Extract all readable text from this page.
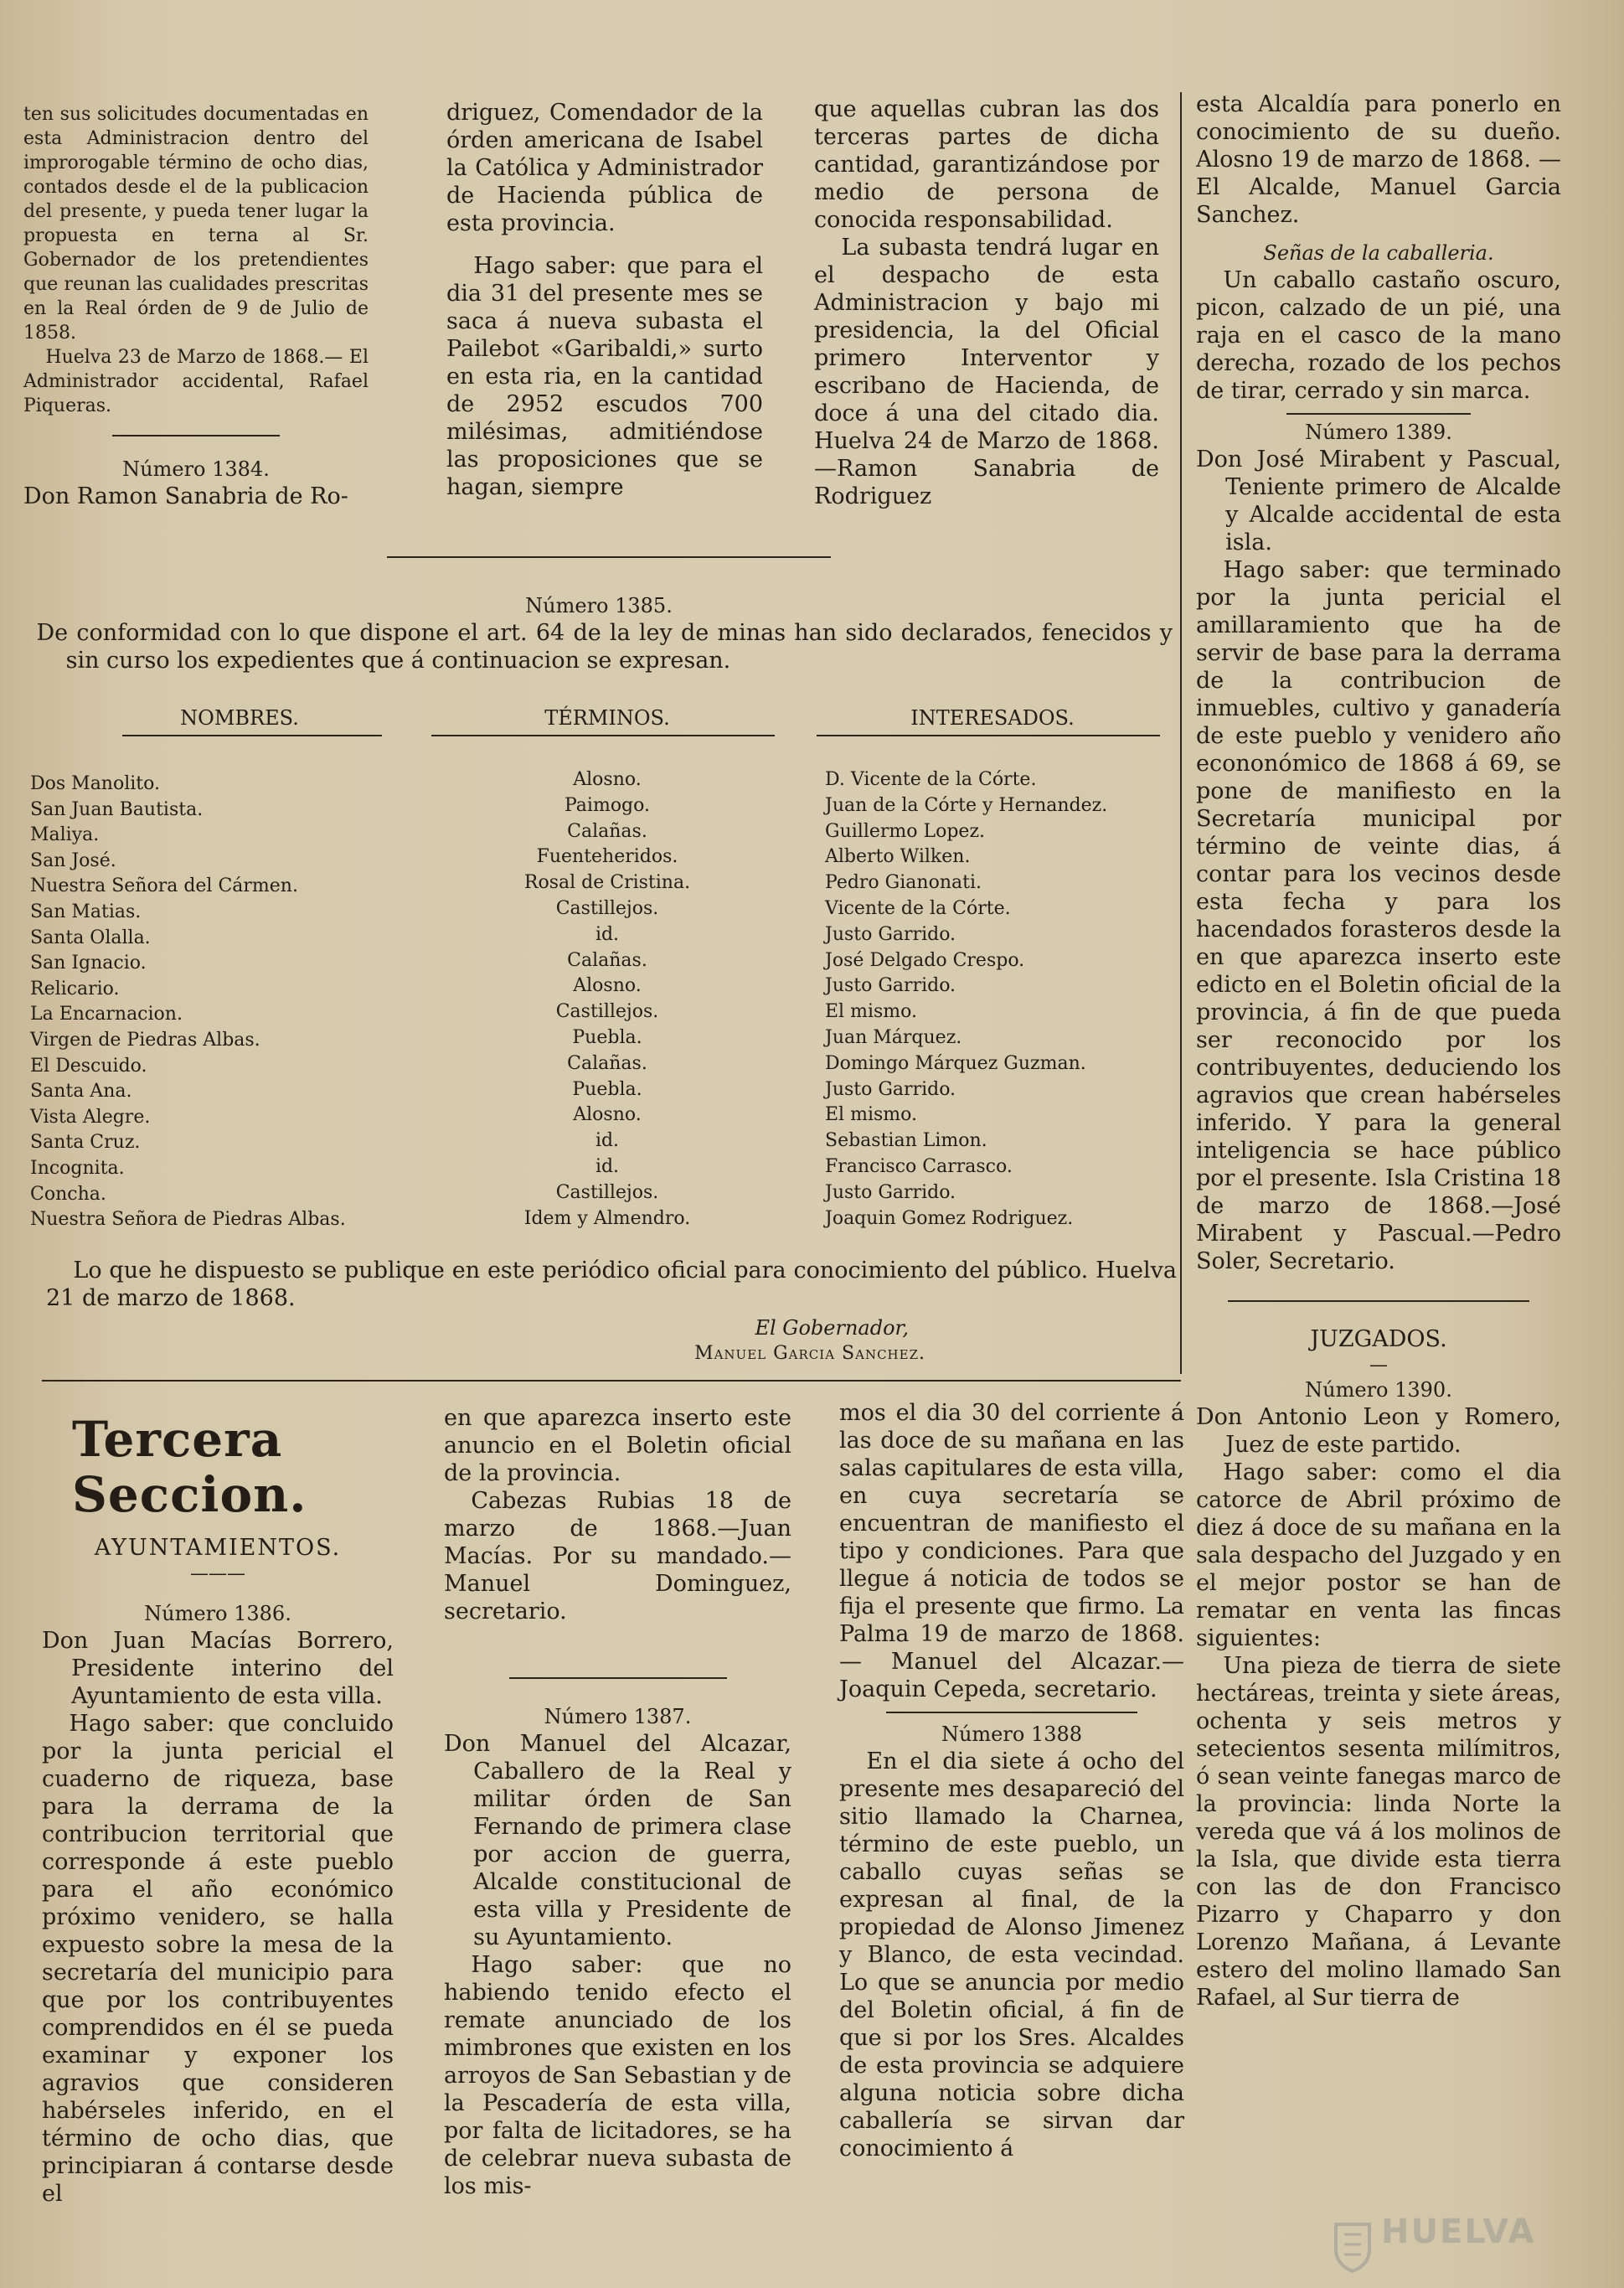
ten sus solicitudes documentadas en esta Administracion dentro del improrogable término de ocho dias, contados desde el de la publicacion del presente, y pueda tener lugar la propuesta en terna al Sr. Gobernador de los pretendientes que reunan las cualidades prescritas en la Real órden de 9 de Julio de 1858.

Huelva 23 de Marzo de 1868.— El Administrador accidental, Rafael Piqueras.

Número 1384.

Don Ramon Sanabria de Ro-

driguez, Comendador de la órden americana de Isabel la Católica y Administrador de Hacienda pública de esta provincia.

Hago saber: que para el dia 31 del presente mes se saca á nueva subasta el Pailebot «Garibaldi,» surto en esta ria, en la cantidad de 2952 escudos 700 milésimas, admitiéndose las proposiciones que se hagan, siempre

que aquellas cubran las dos terceras partes de dicha cantidad, garantizándose por medio de persona de conocida responsabilidad.

La subasta tendrá lugar en el despacho de esta Administracion y bajo mi presidencia, la del Oficial primero Interventor y escribano de Hacienda, de doce á una del citado dia. Huelva 24 de Marzo de 1868.—Ramon Sanabria de Rodriguez

esta Alcaldía para ponerlo en conocimiento de su dueño. Alosno 19 de marzo de 1868. —El Alcalde, Manuel Garcia Sanchez.

Señas de la caballeria.

Un caballo castaño oscuro, picon, calzado de un pié, una raja en el casco de la mano derecha, rozado de los pechos de tirar, cerrado y sin marca.

Número 1389.

Don José Mirabent y Pascual, Teniente primero de Alcalde y Alcalde accidental de esta isla.

Hago saber: que terminado por la junta pericial el amillaramiento que ha de servir de base para la derrama de la contribucion de inmuebles, cultivo y ganadería de este pueblo y venidero año econonómico de 1868 á 69, se pone de manifiesto en la Secretaría municipal por término de veinte dias, á contar para los vecinos desde esta fecha y para los hacendados forasteros desde la en que aparezca inserto este edicto en el Boletin oficial de la provincia, á fin de que pueda ser reconocido por los contribuyentes, deduciendo los agravios que crean habérseles inferido. Y para la general inteligencia se hace público por el presente. Isla Cristina 18 de marzo de 1868.—José Mirabent y Pascual.—Pedro Soler, Secretario.

JUZGADOS.

—

Número 1390.

Don Antonio Leon y Romero, Juez de este partido.

Hago saber: como el dia catorce de Abril próximo de diez á doce de su mañana en la sala despacho del Juzgado y en el mejor postor se han de rematar en venta las fincas siguientes:

Una pieza de tierra de siete hectáreas, treinta y siete áreas, ochenta y seis metros y setecientos sesenta milímitros, ó sean veinte fanegas marco de la provincia: linda Norte la vereda que vá á los molinos de la Isla, que divide esta tierra con las de don Francisco Pizarro y Chaparro y don Lorenzo Mañana, á Levante estero del molino llamado San Rafael, al Sur tierra de

Número 1385.

De conformidad con lo que dispone el art. 64 de la ley de minas han sido declarados, fenecidos y sin curso los expedientes que á continuacion se expresan.

NOMBRES.	TÉRMINOS.	INTERESADOS.

Dos Manolito.
San Juan Bautista.
Maliya.
San José.
Nuestra Señora del Cármen.
San Matias.
Santa Olalla.
San Ignacio.
Relicario.
La Encarnacion.
Virgen de Piedras Albas.
El Descuido.
Santa Ana.
Vista Alegre.
Santa Cruz.
Incognita.
Concha.
Nuestra Señora de Piedras Albas.
Alosno.
Paimogo.
Calañas.
Fuenteheridos.
Rosal de Cristina.
Castillejos.
id.
Calañas.
Alosno.
Castillejos.
Puebla.
Calañas.
Puebla.
Alosno.
id.
id.
Castillejos.
Idem y Almendro.
D. Vicente de la Córte.
Juan de la Córte y Hernandez.
Guillermo Lopez.
Alberto Wilken.
Pedro Gianonati.
Vicente de la Córte.
Justo Garrido.
José Delgado Crespo.
Justo Garrido.
El mismo.
Juan Márquez.
Domingo Márquez Guzman.
Justo Garrido.
El mismo.
Sebastian Limon.
Francisco Carrasco.
Justo Garrido.
Joaquin Gomez Rodriguez.

Lo que he dispuesto se publique en este periódico oficial para conocimiento del público. Huelva 21 de marzo de 1868.

El Gobernador,

Manuel Garcia Sanchez.

Tercera Seccion.

AYUNTAMIENTOS.

———

Número 1386.

Don Juan Macías Borrero, Presidente interino del Ayuntamiento de esta villa.

Hago saber: que concluido por la junta pericial el cuaderno de riqueza, base para la derrama de la contribucion territorial que corresponde á este pueblo para el año económico próximo venidero, se halla expuesto sobre la mesa de la secretaría del municipio para que por los contribuyentes comprendidos en él se pueda examinar y exponer los agravios que consideren habérseles inferido, en el término de ocho dias, que principiaran á contarse desde el

en que aparezca inserto este anuncio en el Boletin oficial de la provincia.

Cabezas Rubias 18 de marzo de 1868.—Juan Macías. Por su mandado.—Manuel Dominguez, secretario.

Número 1387.

Don Manuel del Alcazar, Caballero de la Real y militar órden de San Fernando de primera clase por accion de guerra, Alcalde constitucional de esta villa y Presidente de su Ayuntamiento.

Hago saber: que no habiendo tenido efecto el remate anunciado de los mimbrones que existen en los arroyos de San Sebastian y de la Pescadería de esta villa, por falta de licitadores, se ha de celebrar nueva subasta de los mis-

mos el dia 30 del corriente á las doce de su mañana en las salas capitulares de esta villa, en cuya secretaría se encuentran de manifiesto el tipo y condiciones. Para que llegue á noticia de todos se fija el presente que firmo. La Palma 19 de marzo de 1868.— Manuel del Alcazar.—Joaquin Cepeda, secretario.

Número 1388

En el dia siete á ocho del presente mes desapareció del sitio llamado la Charnea, término de este pueblo, un caballo cuyas señas se expresan al final, de la propiedad de Alonso Jimenez y Blanco, de esta vecindad. Lo que se anuncia por medio del Boletin oficial, á fin de que si por los Sres. Alcaldes de esta provincia se adquiere alguna noticia sobre dicha caballería se sirvan dar conocimiento á

HUELVA
